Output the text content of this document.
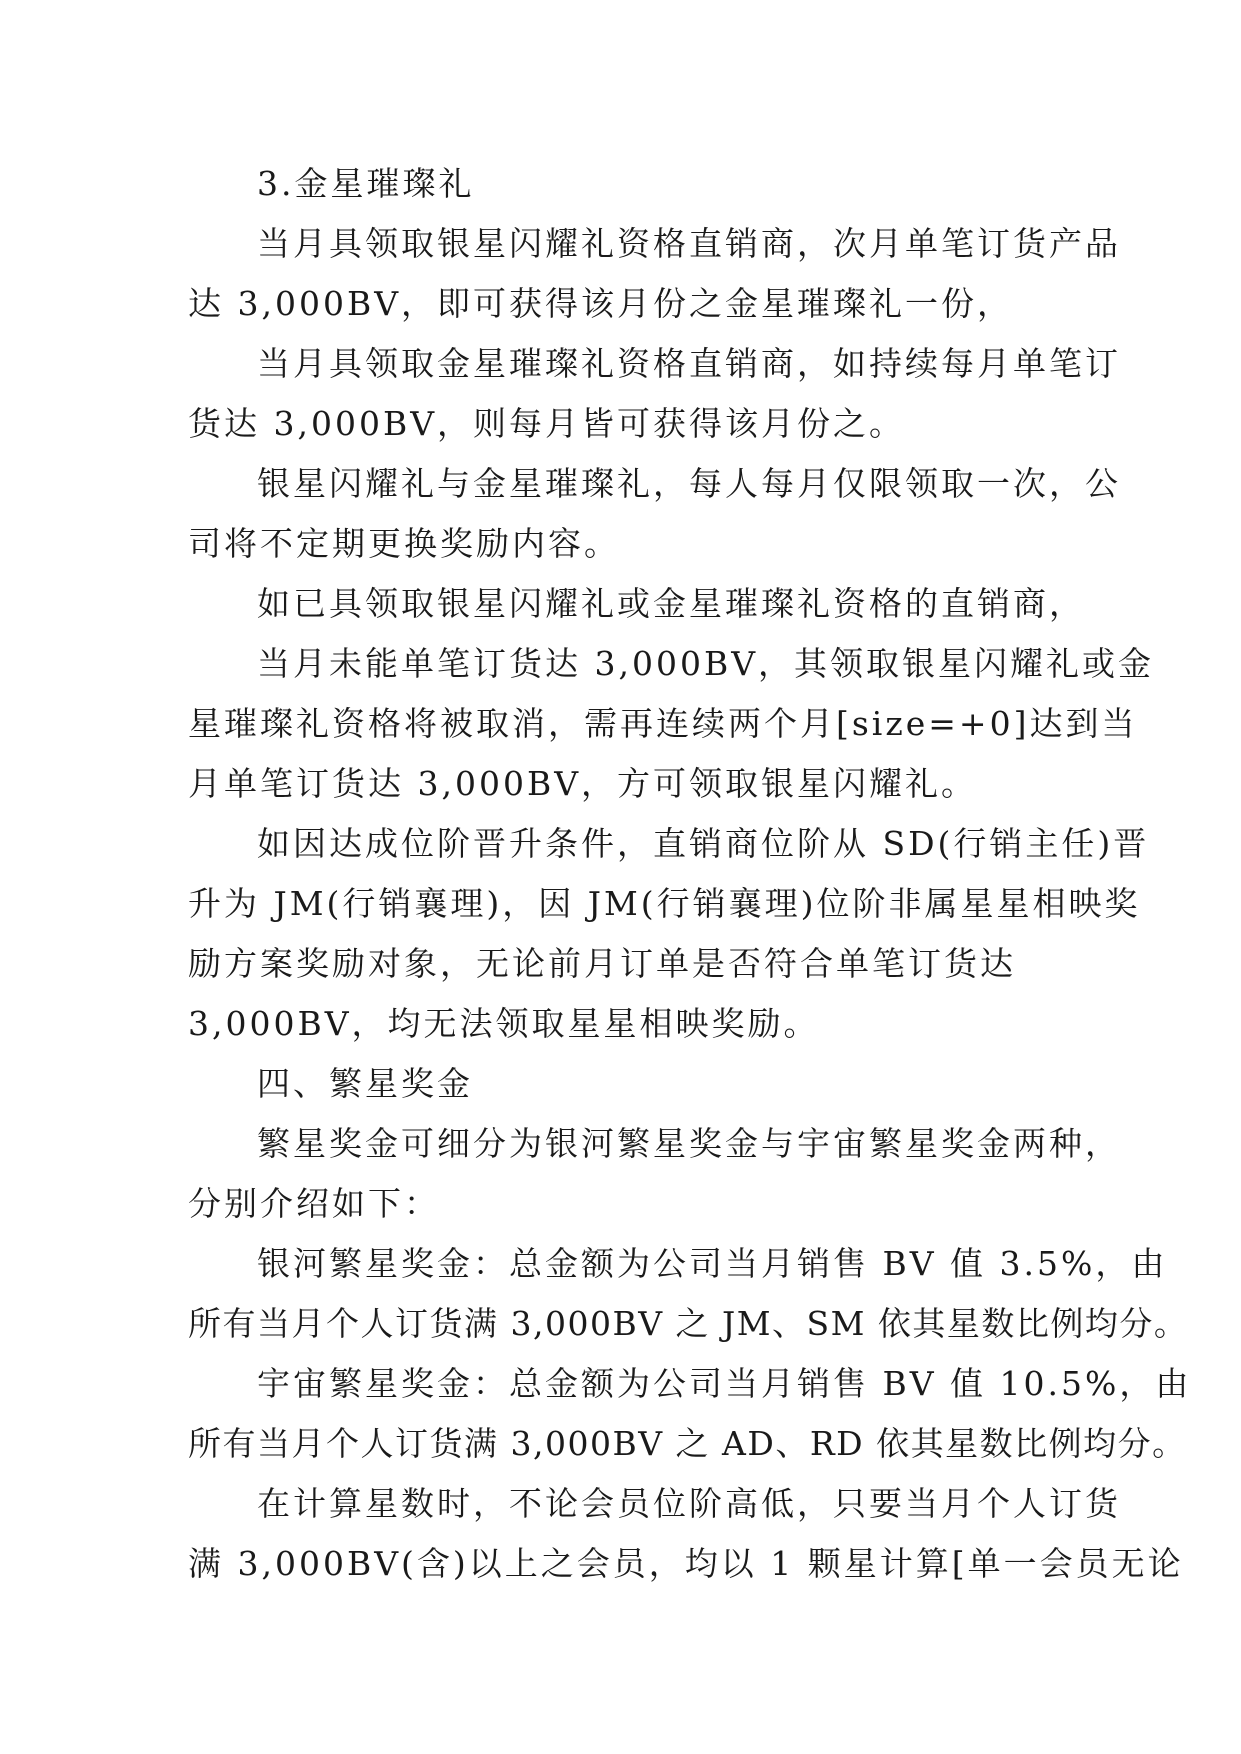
3.金星璀璨礼
当月具领取银星闪耀礼资格直销商，次月单笔订货产品
达 3,000BV，即可获得该月份之金星璀璨礼一份，
当月具领取金星璀璨礼资格直销商，如持续每月单笔订
货达 3,000BV，则每月皆可获得该月份之。
银星闪耀礼与金星璀璨礼，每人每月仅限领取一次，公
司将不定期更换奖励内容。
如已具领取银星闪耀礼或金星璀璨礼资格的直销商，
当月未能单笔订货达 3,000BV，其领取银星闪耀礼或金
星璀璨礼资格将被取消，需再连续两个月[size=+0]达到当
月单笔订货达 3,000BV，方可领取银星闪耀礼。
如因达成位阶晋升条件，直销商位阶从 SD(行销主任)晋
升为 JM(行销襄理)，因 JM(行销襄理)位阶非属星星相映奖
励方案奖励对象，无论前月订单是否符合单笔订货达
3,000BV，均无法领取星星相映奖励。
四、繁星奖金
繁星奖金可细分为银河繁星奖金与宇宙繁星奖金两种，
分别介绍如下：
银河繁星奖金：总金额为公司当月销售 BV 值 3.5%，由
所有当月个人订货满 3,000BV 之 JM、SM 依其星数比例均分。
宇宙繁星奖金：总金额为公司当月销售 BV 值 10.5%，由
所有当月个人订货满 3,000BV 之 AD、RD 依其星数比例均分。
在计算星数时，不论会员位阶高低，只要当月个人订货
满 3,000BV(含)以上之会员，均以 1 颗星计算[单一会员无论
